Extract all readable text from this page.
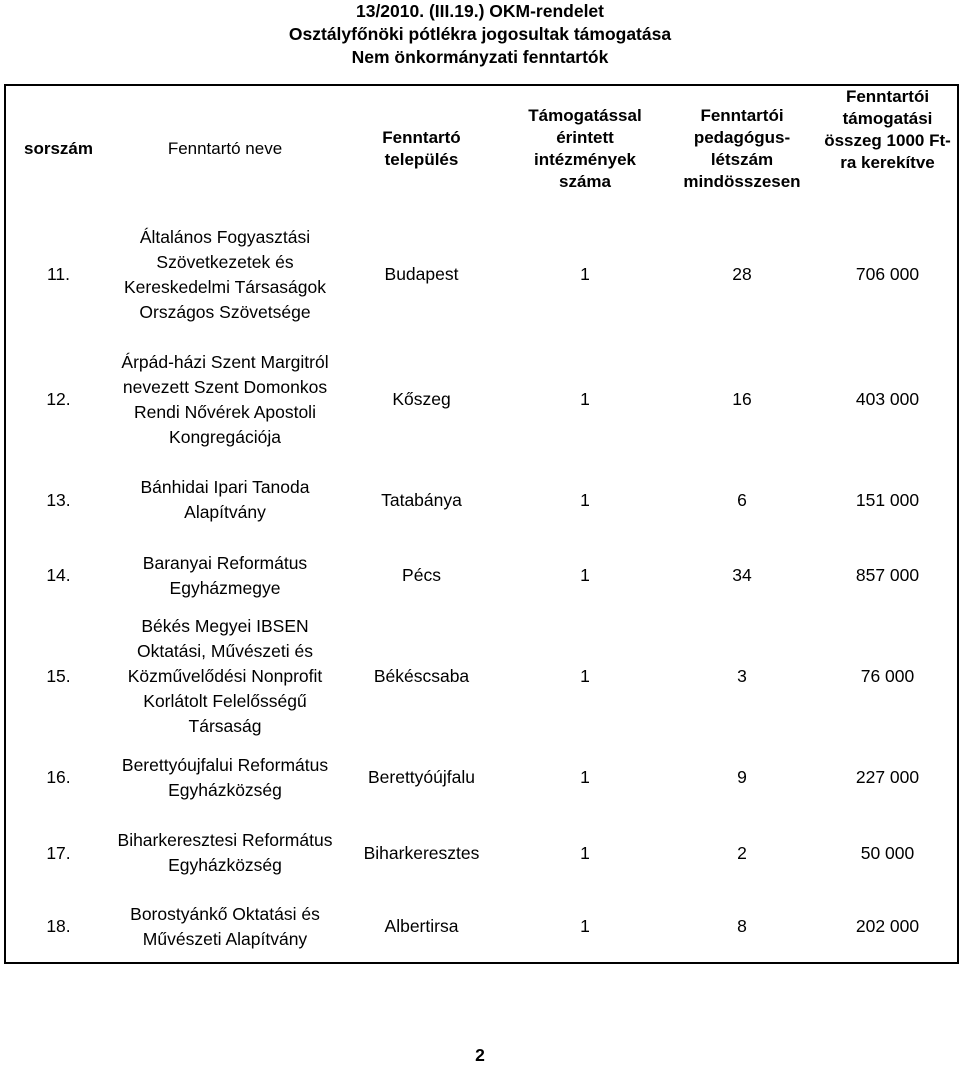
13/2010. (III.19.) OKM-rendelet
Osztályfőnöki pótlékra jogosultak támogatása
Nem önkormányzati fenntartók
sorszám	Fenntartó neve	Fenntartó település	Támogatással érintett intézmények száma	Fenntartói pedagógus-létszám mindösszesen	Fenntartói támogatási összeg 1000 Ft-ra kerekítve
11.	Általános Fogyasztási Szövetkezetek és Kereskedelmi Társaságok Országos Szövetsége	Budapest	1	28	706 000
12.	Árpád-házi Szent Margitról nevezett Szent Domonkos Rendi Nővérek Apostoli Kongregációja	Kőszeg	1	16	403 000
13.	Bánhidai Ipari Tanoda Alapítvány	Tatabánya	1	6	151 000
14.	Baranyai Református Egyházmegye	Pécs	1	34	857 000
15.	Békés Megyei IBSEN Oktatási, Művészeti és Közművelődési Nonprofit Korlátolt Felelősségű Társaság	Békéscsaba	1	3	76 000
16.	Berettyóujfalui Református Egyházközség	Berettyóújfalu	1	9	227 000
17.	Biharkeresztesi Református Egyházközség	Biharkeresztes	1	2	50 000
18.	Borostyánkő Oktatási és Művészeti Alapítvány	Albertirsa	1	8	202 000
2
